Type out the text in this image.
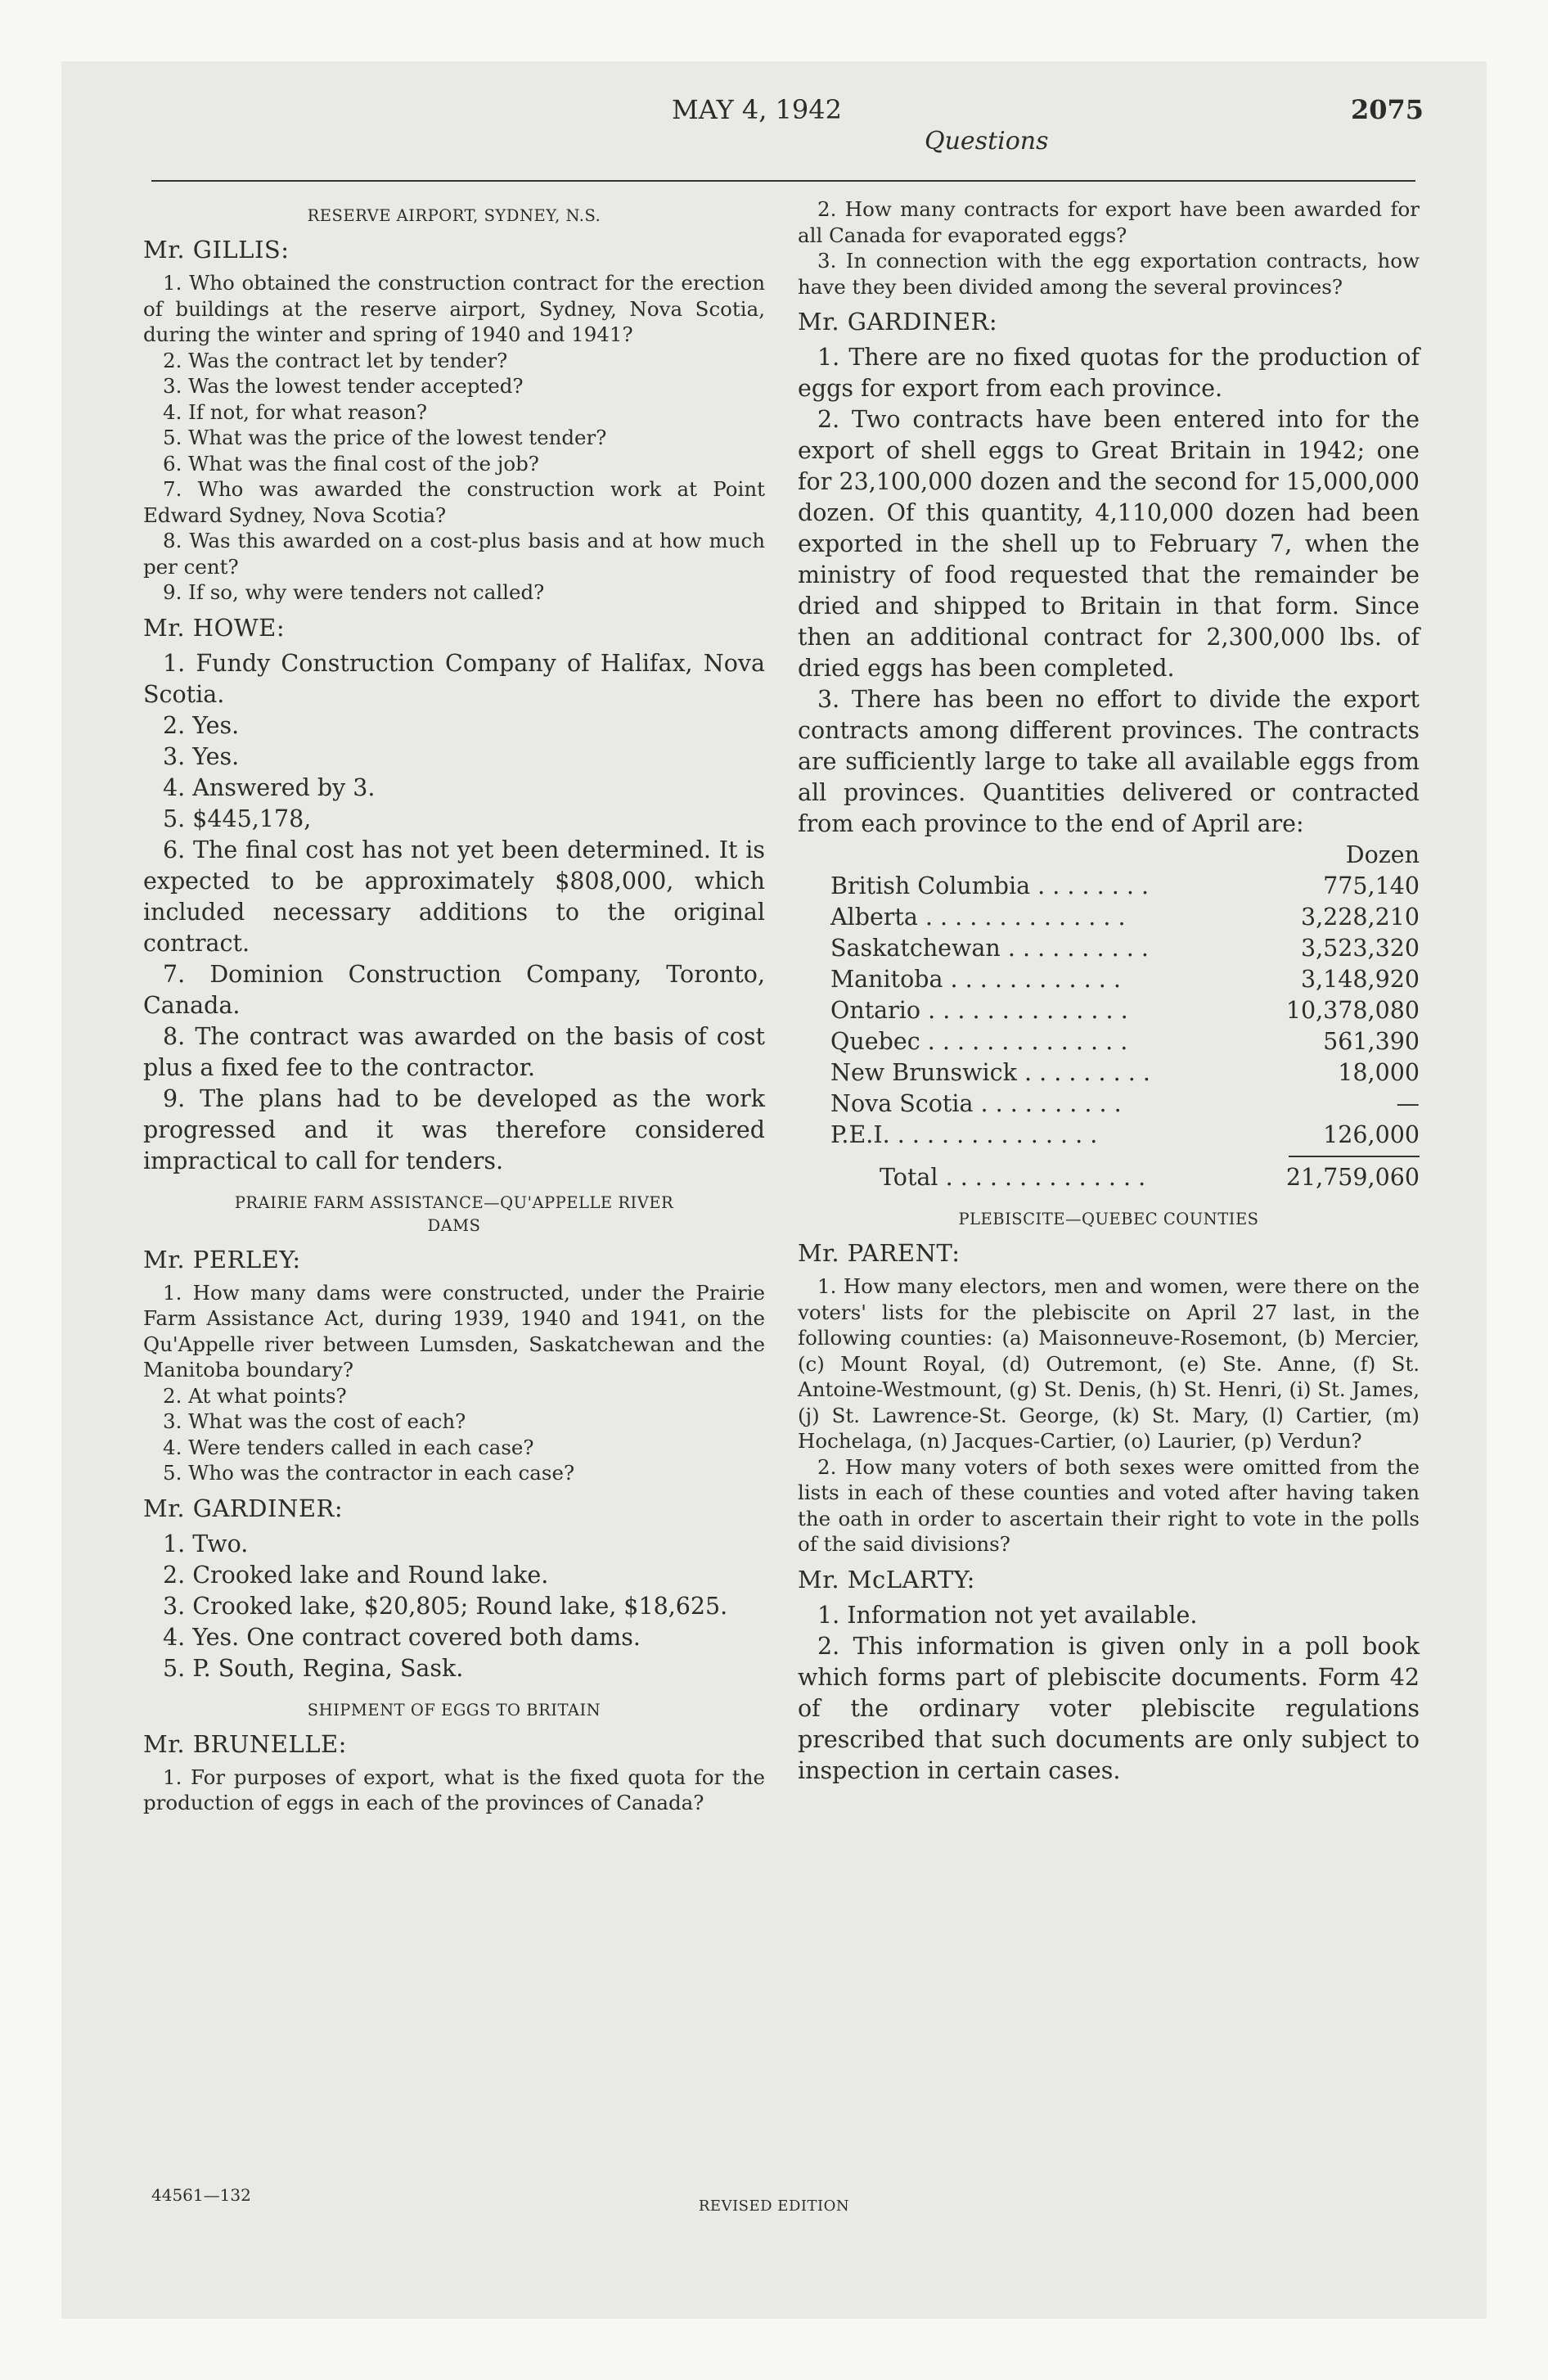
MAY 4, 1942
Questions
2075
RESERVE AIRPORT, SYDNEY, N.S.
Mr. GILLIS:

1. Who obtained the construction contract for the erection of buildings at the reserve airport, Sydney, Nova Scotia, during the winter and spring of 1940 and 1941?

2. Was the contract let by tender?

3. Was the lowest tender accepted?

4. If not, for what reason?

5. What was the price of the lowest tender?

6. What was the final cost of the job?

7. Who was awarded the construction work at Point Edward Sydney, Nova Scotia?

8. Was this awarded on a cost-plus basis and at how much per cent?

9. If so, why were tenders not called?

Mr. HOWE:

1. Fundy Construction Company of Halifax, Nova Scotia.

2. Yes.

3. Yes.

4. Answered by 3.

5. $445,178,

6. The final cost has not yet been determined. It is expected to be approximately $808,000, which included necessary additions to the original contract.

7. Dominion Construction Company, Toronto, Canada.

8. The contract was awarded on the basis of cost plus a fixed fee to the contractor.

9. The plans had to be developed as the work progressed and it was therefore considered impractical to call for tenders.

PRAIRIE FARM ASSISTANCE—QU'APPELLE RIVER
DAMS
Mr. PERLEY:

1. How many dams were constructed, under the Prairie Farm Assistance Act, during 1939, 1940 and 1941, on the Qu'Appelle river between Lumsden, Saskatchewan and the Manitoba boundary?

2. At what points?

3. What was the cost of each?

4. Were tenders called in each case?

5. Who was the contractor in each case?

Mr. GARDINER:

1. Two.

2. Crooked lake and Round lake.

3. Crooked lake, $20,805; Round lake, $18,625.

4. Yes. One contract covered both dams.

5. P. South, Regina, Sask.

SHIPMENT OF EGGS TO BRITAIN
Mr. BRUNELLE:

1. For purposes of export, what is the fixed quota for the production of eggs in each of the provinces of Canada?

2. How many contracts for export have been awarded for all Canada for evaporated eggs?

3. In connection with the egg exportation contracts, how have they been divided among the several provinces?

Mr. GARDINER:

1. There are no fixed quotas for the production of eggs for export from each province.

2. Two contracts have been entered into for the export of shell eggs to Great Britain in 1942; one for 23,100,000 dozen and the second for 15,000,000 dozen. Of this quantity, 4,110,000 dozen had been exported in the shell up to February 7, when the ministry of food requested that the remainder be dried and shipped to Britain in that form. Since then an additional contract for 2,300,000 lbs. of dried eggs has been completed.

3. There has been no effort to divide the export contracts among different provinces. The contracts are sufficiently large to take all available eggs from all provinces. Quantities delivered or contracted from each province to the end of April are:

Dozen
British Columbia . . . . . . . .	775,140
Alberta . . . . . . . . . . . . . .	3,228,210
Saskatchewan . . . . . . . . . .	3,523,320
Manitoba . . . . . . . . . . . .	3,148,920
Ontario . . . . . . . . . . . . . .	10,378,080
Quebec . . . . . . . . . . . . . .	561,390
New Brunswick . . . . . . . . .	18,000
Nova Scotia . . . . . . . . . .	—
P.E.I. . . . . . . . . . . . . . .	126,000
Total . . . . . . . . . . . . . .	21,759,060
PLEBISCITE—QUEBEC COUNTIES
Mr. PARENT:

1. How many electors, men and women, were there on the voters' lists for the plebiscite on April 27 last, in the following counties: (a) Maisonneuve-Rosemont, (b) Mercier, (c) Mount Royal, (d) Outremont, (e) Ste. Anne, (f) St. Antoine-Westmount, (g) St. Denis, (h) St. Henri, (i) St. James, (j) St. Lawrence-St. George, (k) St. Mary, (l) Cartier, (m) Hochelaga, (n) Jacques-Cartier, (o) Laurier, (p) Verdun?

2. How many voters of both sexes were omitted from the lists in each of these counties and voted after having taken the oath in order to ascertain their right to vote in the polls of the said divisions?

Mr. McLARTY:

1. Information not yet available.

2. This information is given only in a poll book which forms part of plebiscite documents. Form 42 of the ordinary voter plebiscite regulations prescribed that such documents are only subject to inspection in certain cases.

44561—132
REVISED EDITION
